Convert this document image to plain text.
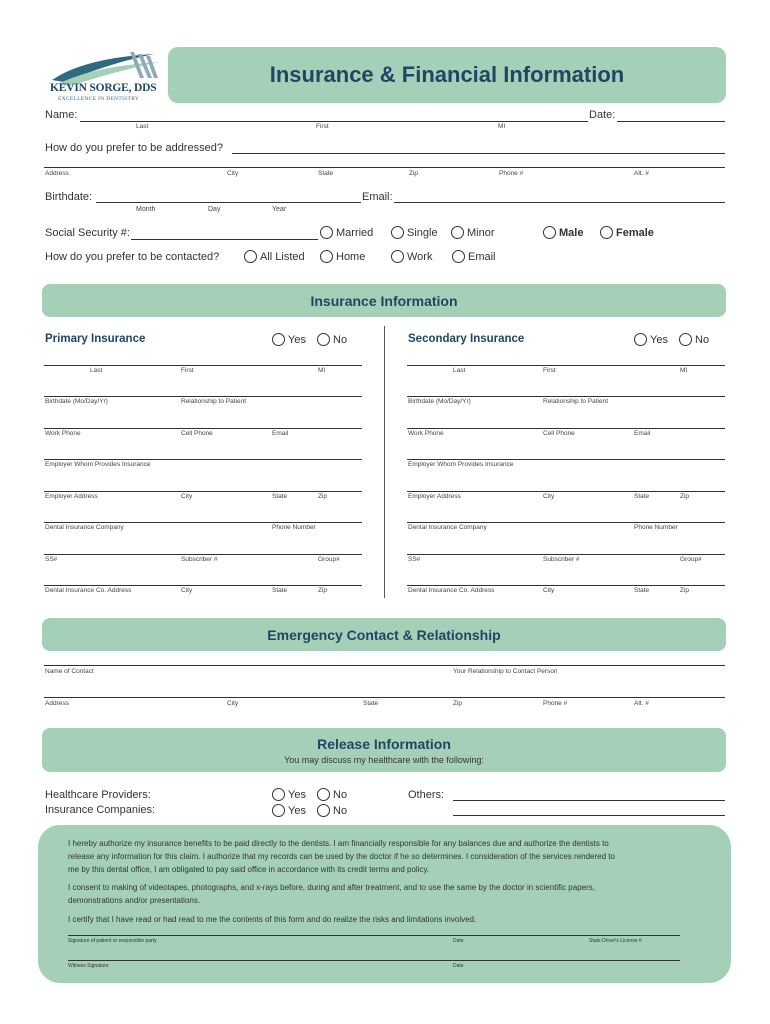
KEVIN SORGE, DDS
EXCELLENCE IN DENTISTRY
Insurance & Financial Information
Name:	Date:
Last	First	MI
How do you prefer to be addressed?
Address	City	State	Zip	Phone #	Alt. #
Birthdate:	Email:
Month	Day	Year
Social Security #:	Married	Single	Minor	Male	Female
How do you prefer to be contacted?	All Listed	Home	Work	Email
Insurance Information
Primary Insurance	Yes No	Secondary Insurance	Yes No
Last	First	MI
Birthdate (Mo/Day/Yr)	Relationship to Patient
Work Phone	Cell Phone	Email
Employer Whom Provides Insurance
Employer Address	City	State	Zip
Dental Insurance Company	Phone Number
SS#	Subscriber #	Group#
Dental Insurance Co. Address	City	State	Zip
Last	First	MI
Birthdate (Mo/Day/Yr)	Relationship to Patient
Work Phone	Cell Phone	Email
Employer Whom Provides Insurance
Employer Address	City	State	Zip
Dental Insurance Company	Phone Number
SS#	Subscriber #	Group#
Dental Insurance Co. Address	City	State	Zip
Emergency Contact & Relationship
Name of Contact	Your Relationship to Contact Person
Address	City	State	Zip	Phone #	Alt. #
Release Information
You may discuss my healthcare with the following:
Healthcare Providers:
Insurance Companies:
Yes No
Yes No
Others:
I hereby authorize my insurance benefits to be paid directly to the dentists. I am financially responsible for any balances due and authorize the dentists to
release any information for this claim. I authorize that my records can be used by the doctor if he so determines. I consideration of the services rendered to
me by this dental office, I am obligated to pay said office in accordance with its credit terms and policy.
I consent to making of videotapes, photographs, and x-rays before, during and after treatment, and to use the same by the doctor in scientific papers,
demonstrations and/or presentations.
I certify that I have read or had read to me the contents of this form and do realize the risks and limitations involved.
Signature of patient or responsible party	Date	State Driver's License #
Witness Signature	Date
